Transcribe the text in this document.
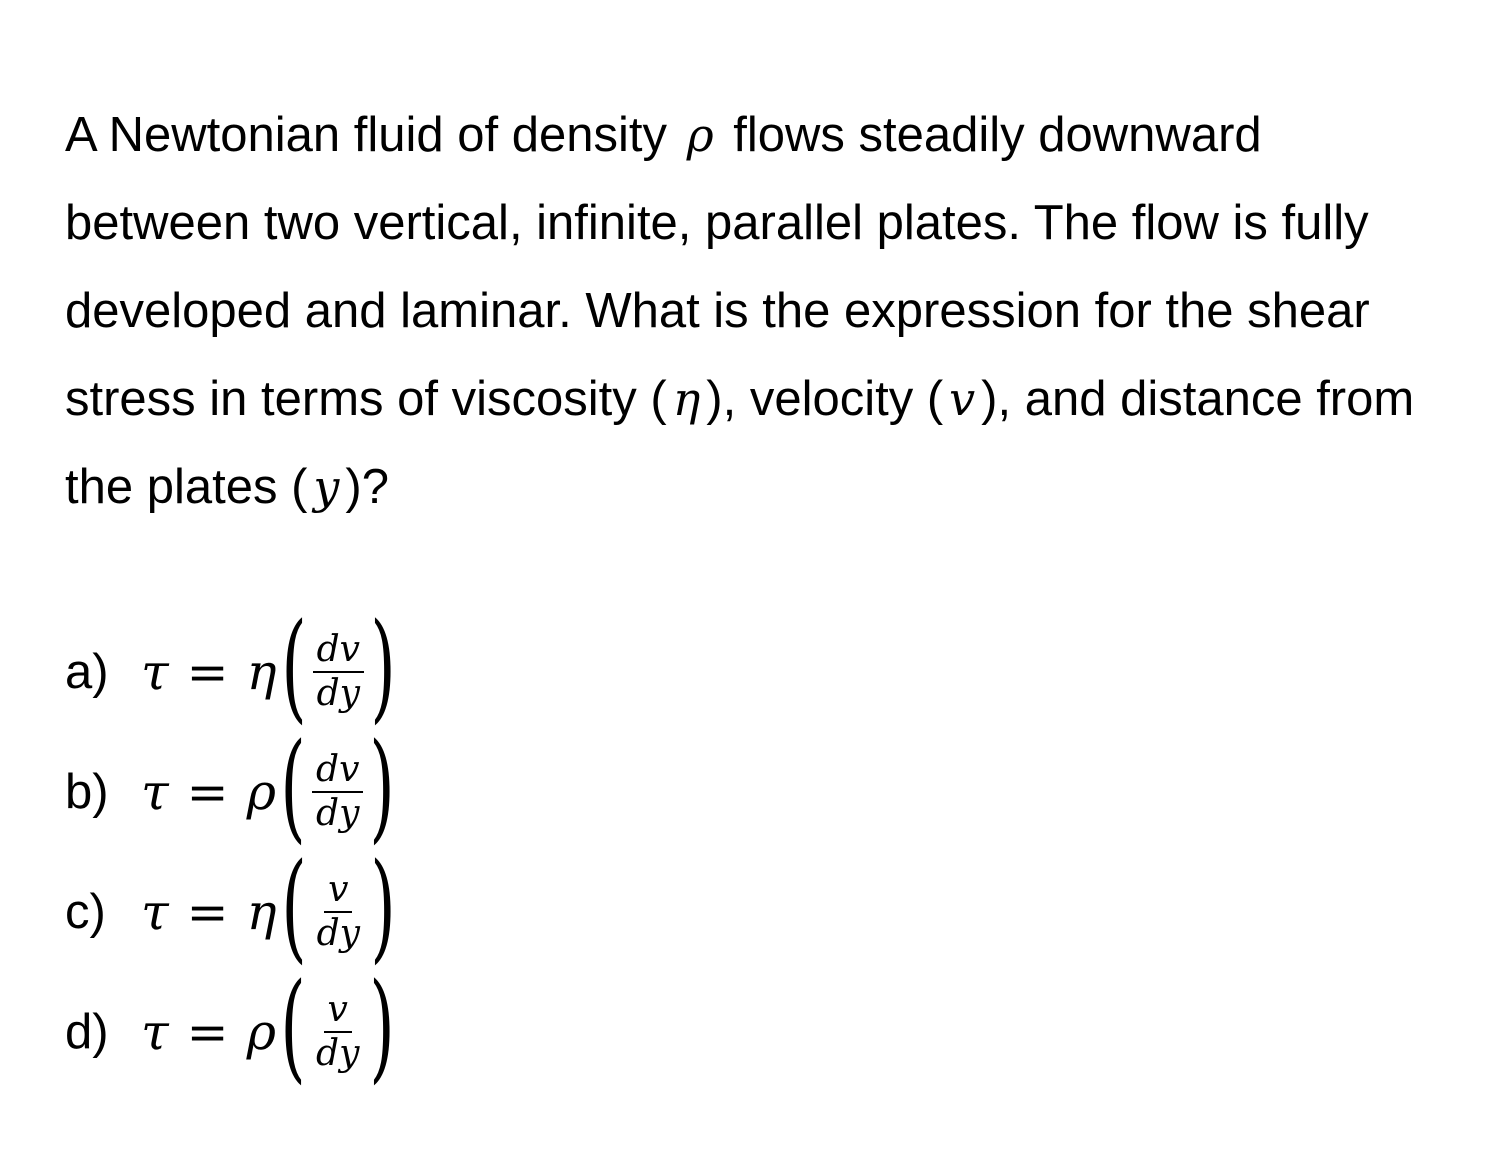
A Newtonian fluid of density ρ flows steadily downward between two vertical, infinite, parallel plates. The flow is fully developed and laminar. What is the expression for the shear stress in terms of viscosity ( η ), velocity ( v ), and distance from the plates ( y )?
a) τ = η ( $\frac{dv}{dy}$ )
b) τ = ρ ( $\frac{dv}{dy}$ )
c) τ = η ( $\frac{v}{dy}$ )
d) τ = ρ ( $\frac{v}{dy}$ )
